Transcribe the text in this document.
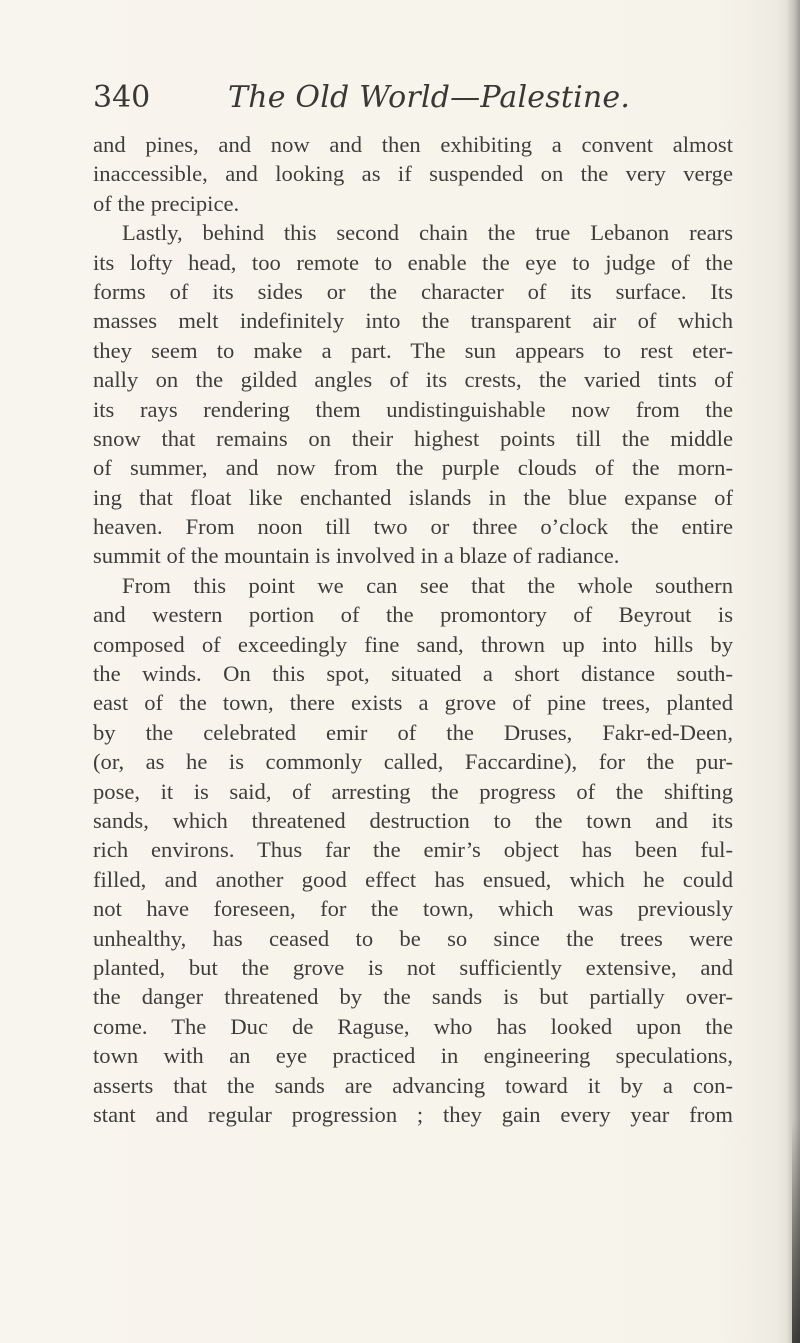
340	The Old World—Palestine.
and pines, and now and then exhibiting a convent almost
inaccessible, and looking as if suspended on the very verge
of the precipice.
Lastly, behind this second chain the true Lebanon rears
its lofty head, too remote to enable the eye to judge of the
forms of its sides or the character of its surface. Its
masses melt indefinitely into the transparent air of which
they seem to make a part. The sun appears to rest eter-
nally on the gilded angles of its crests, the varied tints of
its rays rendering them undistinguishable now from the
snow that remains on their highest points till the middle
of summer, and now from the purple clouds of the morn-
ing that float like enchanted islands in the blue expanse of
heaven. From noon till two or three o’clock the entire
summit of the mountain is involved in a blaze of radiance.
From this point we can see that the whole southern
and western portion of the promontory of Beyrout is
composed of exceedingly fine sand, thrown up into hills by
the winds. On this spot, situated a short distance south-
east of the town, there exists a grove of pine trees, planted
by the celebrated emir of the Druses, Fakr-ed-Deen,
(or, as he is commonly called, Faccardine), for the pur-
pose, it is said, of arresting the progress of the shifting
sands, which threatened destruction to the town and its
rich environs. Thus far the emir’s object has been ful-
filled, and another good effect has ensued, which he could
not have foreseen, for the town, which was previously
unhealthy, has ceased to be so since the trees were
planted, but the grove is not sufficiently extensive, and
the danger threatened by the sands is but partially over-
come. The Duc de Raguse, who has looked upon the
town with an eye practiced in engineering speculations,
asserts that the sands are advancing toward it by a con-
stant and regular progression ; they gain every year from
